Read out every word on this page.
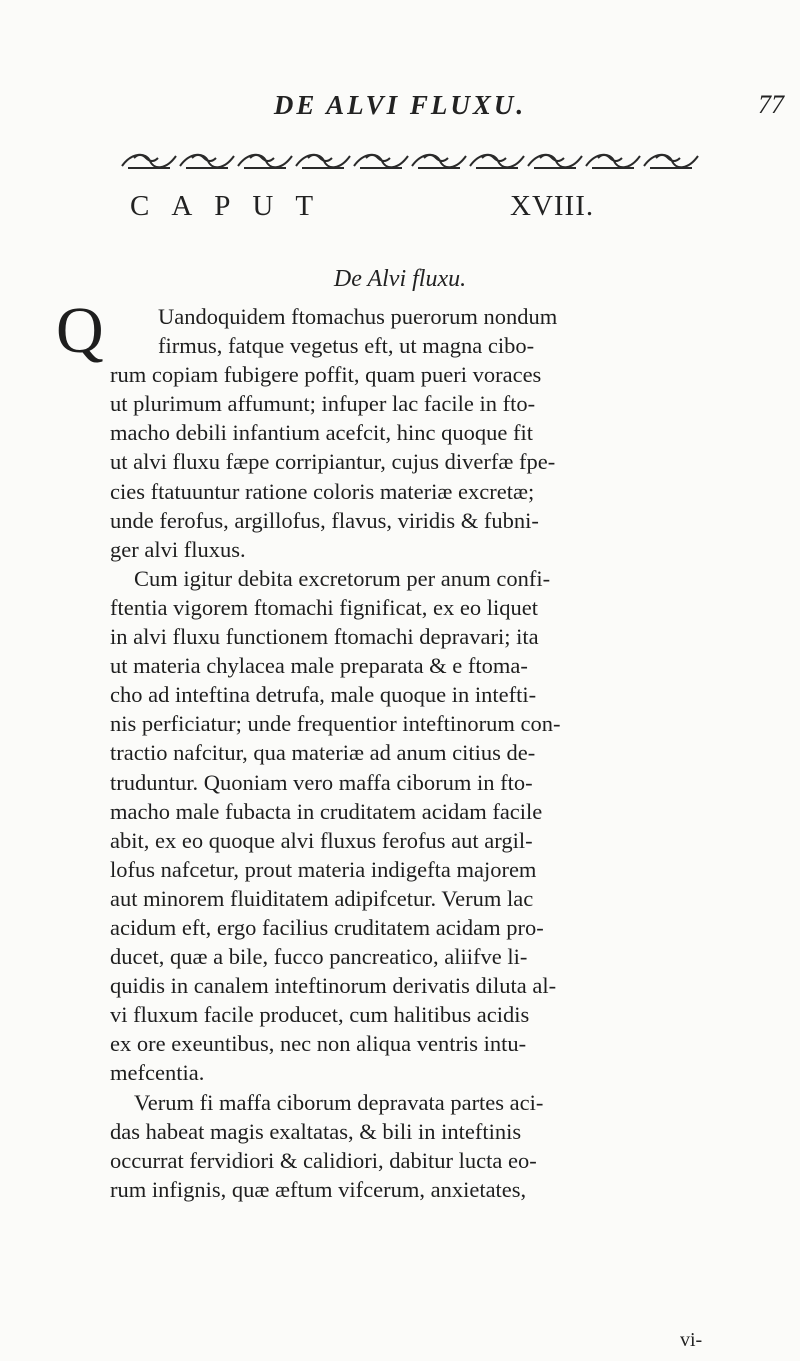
DE ALVI FLUXU.	77
CAPUT	XVIII.
De Alvi fluxu.
Q	Uandoquidem ftomachus puerorum nondum
firmus, fatque vegetus eft, ut magna cibo-
rum copiam fubigere poffit, quam pueri voraces
ut plurimum affumunt; infuper lac facile in fto-
macho debili infantium acefcit, hinc quoque fit
ut alvi fluxu fæpe corripiantur, cujus diverfæ fpe-
cies ftatuuntur ratione coloris materiæ excretæ;
unde ferofus, argillofus, flavus, viridis & fubni-
ger alvi fluxus.
Cum igitur debita excretorum per anum confi-
ftentia vigorem ftomachi fignificat, ex eo liquet
in alvi fluxu functionem ftomachi depravari; ita
ut materia chylacea male preparata & e ftoma-
cho ad inteftina detrufa, male quoque in intefti-
nis perficiatur; unde frequentior inteftinorum con-
tractio nafcitur, qua materiæ ad anum citius de-
truduntur. Quoniam vero maffa ciborum in fto-
macho male fubacta in cruditatem acidam facile
abit, ex eo quoque alvi fluxus ferofus aut argil-
lofus nafcetur, prout materia indigefta majorem
aut minorem fluiditatem adipifcetur. Verum lac
acidum eft, ergo facilius cruditatem acidam pro-
ducet, quæ a bile, fucco pancreatico, aliifve li-
quidis in canalem inteftinorum derivatis diluta al-
vi fluxum facile producet, cum halitibus acidis
ex ore exeuntibus, nec non aliqua ventris intu-
mefcentia.
Verum fi maffa ciborum depravata partes aci-
das habeat magis exaltatas, & bili in inteftinis
occurrat fervidiori & calidiori, dabitur lucta eo-
rum infignis, quæ æftum vifcerum, anxietates,
vi-
